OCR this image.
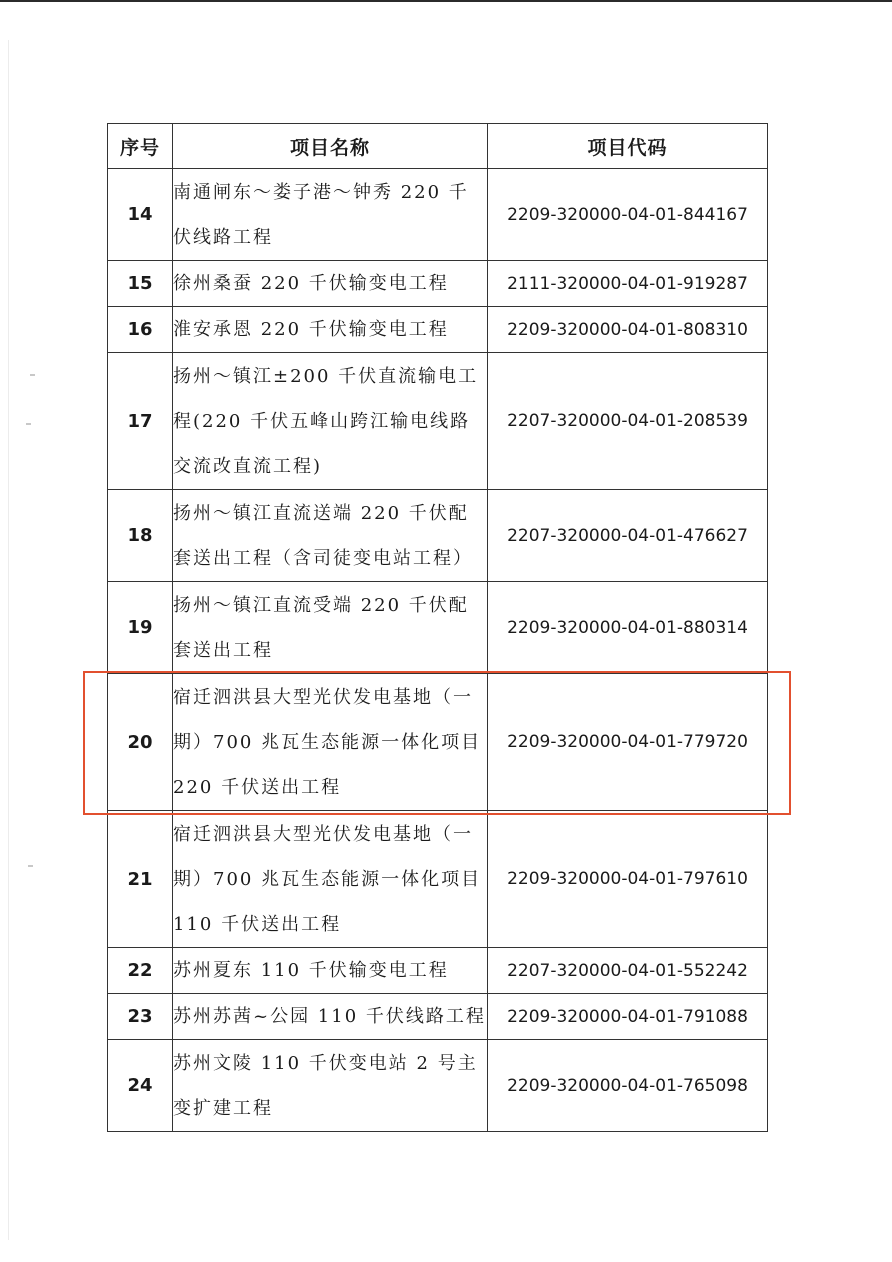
序号	项目名称	项目代码
14	南通闸东～娄子港～钟秀 220 千伏线路工程	2209-320000-04-01-844167
15	徐州桑蚕 220 千伏输变电工程	2111-320000-04-01-919287
16	淮安承恩 220 千伏输变电工程	2209-320000-04-01-808310
17	扬州～镇江±200 千伏直流输电工程(220 千伏五峰山跨江输电线路交流改直流工程)	2207-320000-04-01-208539
18	扬州～镇江直流送端 220 千伏配套送出工程（含司徒变电站工程）	2207-320000-04-01-476627
19	扬州～镇江直流受端 220 千伏配套送出工程	2209-320000-04-01-880314
20	宿迁泗洪县大型光伏发电基地（一期）700 兆瓦生态能源一体化项目220 千伏送出工程	2209-320000-04-01-779720
21	宿迁泗洪县大型光伏发电基地（一期）700 兆瓦生态能源一体化项目110 千伏送出工程	2209-320000-04-01-797610
22	苏州夏东 110 千伏输变电工程	2207-320000-04-01-552242
23	苏州苏茜~公园 110 千伏线路工程	2209-320000-04-01-791088
24	苏州文陵 110 千伏变电站 2 号主变扩建工程	2209-320000-04-01-765098
